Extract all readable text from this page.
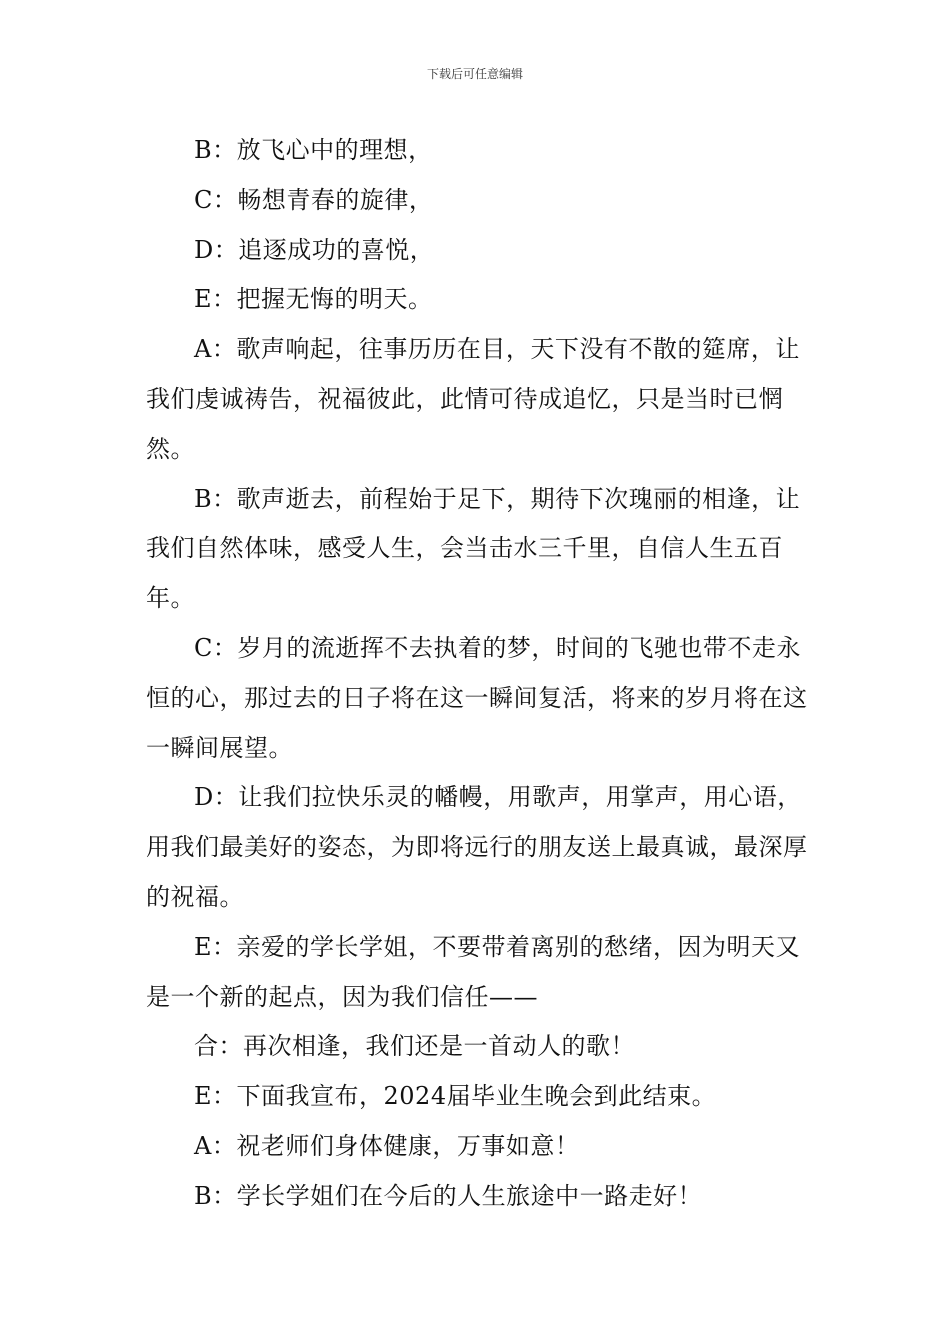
下载后可任意编辑

B：放飞心中的理想，

C：畅想青春的旋律，

D：追逐成功的喜悦，

E：把握无悔的明天。

A：歌声响起，往事历历在目，天下没有不散的筵席，让我们虔诚祷告，祝福彼此，此情可待成追忆，只是当时已惘然。

B：歌声逝去，前程始于足下，期待下次瑰丽的相逢，让我们自然体味，感受人生，会当击水三千里，自信人生五百年。

C：岁月的流逝挥不去执着的梦，时间的飞驰也带不走永恒的心，那过去的日子将在这一瞬间复活，将来的岁月将在这一瞬间展望。

D：让我们拉快乐灵的幡幔，用歌声，用掌声，用心语，用我们最美好的姿态，为即将远行的朋友送上最真诚，最深厚的祝福。

E：亲爱的学长学姐，不要带着离别的愁绪，因为明天又是一个新的起点，因为我们信任——

合：再次相逢，我们还是一首动人的歌！

E：下面我宣布，2024届毕业生晚会到此结束。

A：祝老师们身体健康，万事如意！

B：学长学姐们在今后的人生旅途中一路走好！
